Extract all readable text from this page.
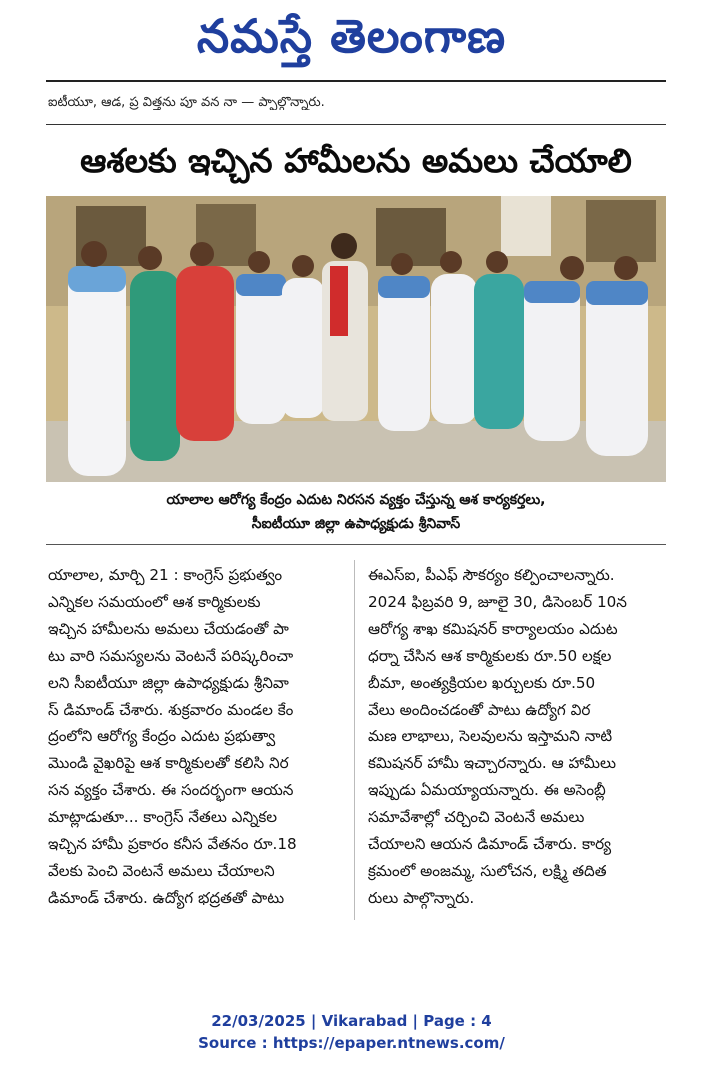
నమస్తే తెలంగాణ
ఐటీయూ, ఆడ, ప్ర విత్తను పూ వన నా — ప్పాల్గొన్నారు.
ఆశలకు ఇచ్చిన హామీలను అమలు చేయాలి
యాలాల ఆరోగ్య కేంద్రం ఎదుట నిరసన వ్యక్తం చేస్తున్న ఆశ కార్యకర్తలు,
సీఐటీయూ జిల్లా ఉపాధ్యక్షుడు శ్రీనివాస్
యాలాల, మార్చి 21 : కాంగ్రెస్ ప్రభుత్వం
ఎన్నికల సమయంలో ఆశ కార్మికులకు
ఇచ్చిన హామీలను అమలు చేయడంతో పా
టు వారి సమస్యలను వెంటనే పరిష్కరించా
లని సీఐటీయూ జిల్లా ఉపాధ్యక్షుడు శ్రీనివా
స్ డిమాండ్ చేశారు. శుక్రవారం మండల కేం
ద్రంలోని ఆరోగ్య కేంద్రం ఎదుట ప్రభుత్వా
మొండి వైఖరిపై ఆశ కార్మికులతో కలిసి నిర
సన వ్యక్తం చేశారు. ఈ సందర్భంగా ఆయన
మాట్లాడుతూ... కాంగ్రెస్ నేతలు ఎన్నికల
ఇచ్చిన హామీ ప్రకారం కనీస వేతనం రూ.18
వేలకు పెంచి వెంటనే అమలు చేయాలని
డిమాండ్ చేశారు. ఉద్యోగ భద్రతతో పాటు
ఈఎస్ఐ, పీఎఫ్ సౌకర్యం కల్పించాలన్నారు.
2024 ఫిబ్రవరి 9, జూలై 30, డిసెంబర్ 10న
ఆరోగ్య శాఖ కమిషనర్ కార్యాలయం ఎదుట
ధర్నా చేసిన ఆశ కార్మికులకు రూ.50 లక్షల
బీమా, అంత్యక్రియల ఖర్చులకు రూ.50
వేలు అందించడంతో పాటు ఉద్యోగ విర
మణ లాభాలు, సెలవులను ఇస్తామని నాటి
కమిషనర్ హామీ ఇచ్చారన్నారు. ఆ హామీలు
ఇప్పుడు ఏమయ్యాయన్నారు. ఈ అసెంబ్లీ
సమావేశాల్లో చర్చించి వెంటనే అమలు
చేయాలని ఆయన డిమాండ్ చేశారు. కార్య
క్రమంలో అంజమ్మ, సులోచన, లక్ష్మి తదిత
రులు పాల్గొన్నారు.
22/03/2025 | Vikarabad | Page : 4
Source : https://epaper.ntnews.com/
